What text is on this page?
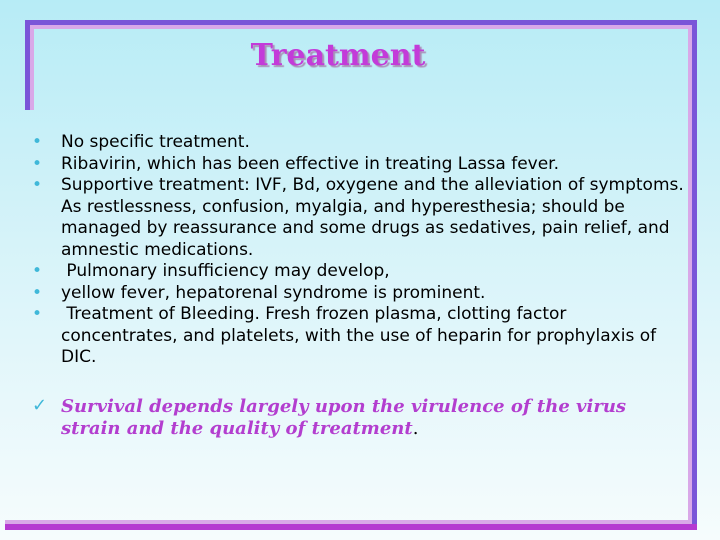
Treatment
• No specific treatment.
• Ribavirin, which has been effective in treating Lassa fever.
• Supportive treatment: IVF, Bd, oxygene and the alleviation of symptoms. As restlessness, confusion, myalgia, and hyperesthesia; should be managed by reassurance and some drugs as sedatives, pain relief, and amnestic medications.
• Pulmonary insufficiency may develop,
• yellow fever, hepatorenal syndrome is prominent.
• Treatment of Bleeding. Fresh frozen plasma, clotting factor concentrates, and platelets, with the use of heparin for prophylaxis of DIC.
✓ Survival depends largely upon the virulence of the virus strain and the quality of treatment.
